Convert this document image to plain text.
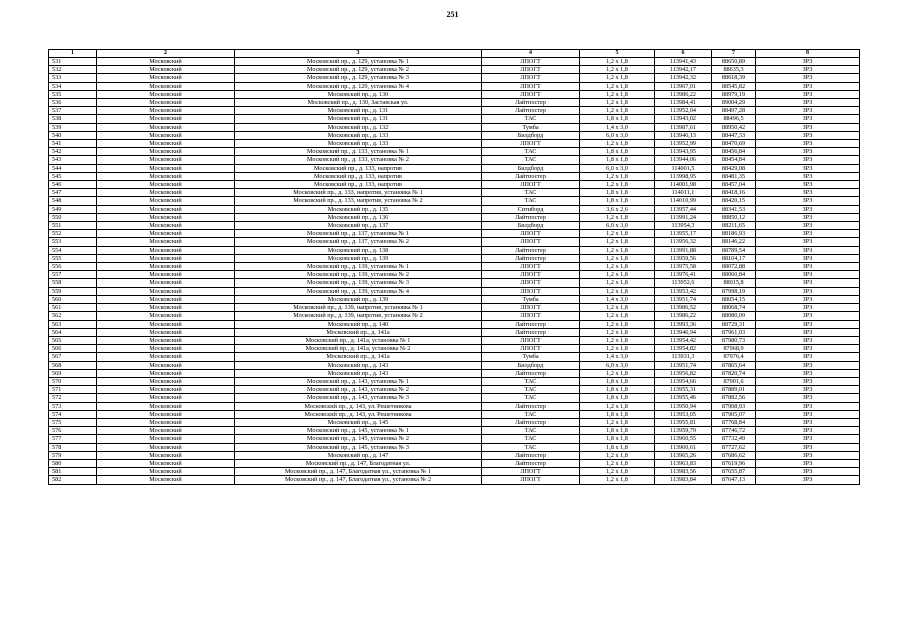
251
1	2	3	4	5	6	7	8
531	Московский	Московский пр., д. 129, установка № 1	ЛПОГТ	1,2 х 1,8	113941,43	88650,89	ЗРЗ
532	Московский	Московский пр., д. 129, установка № 2	ЛПОГТ	1,2 х 1,8	113942,17	88635,3	ЗРЗ
533	Московский	Московский пр., д. 129, установка № 3	ЛПОГТ	1,2 х 1,8	113942,32	88618,39	ЗРЗ
534	Московский	Московский пр., д. 129, установка № 4	ЛПОГТ	1,2 х 1,8	113967,01	88545,82	ЗРЗ
535	Московский	Московский пр., д. 130	ЛПОГТ	1,2 х 1,8	113986,22	88979,19	ЗРЗ
536	Московский	Московский пр., д. 130, Заставская ул.	Лайтпостер	1,2 х 1,8	113984,41	89004,29	ЗРЗ
537	Московский	Московский пр., д. 131	Лайтпостер	1,2 х 1,8	113952,04	88497,28	ЗРЗ
538	Московский	Московский пр., д. 131	ТАС	1,8 х 1,8	113943,02	88496,5	ЗРЗ
539	Московский	Московский пр., д. 132	Тумба	1,4 х 3,0	113987,61	88950,42	ЗРЗ
540	Московский	Московский пр., д. 133	Билдборд	6,0 х 3,0	113946,13	88447,33	ЗРЗ
541	Московский	Московский пр., д. 133	ЛПОГТ	1,2 х 1,8	113952,99	88470,69	ЗРЗ
542	Московский	Московский пр., д. 133, установка № 1	ТАС	1,8 х 1,8	113943,95	88456,84	ЗРЗ
543	Московский	Московский пр., д. 133, установка № 2	ТАС	1,8 х 1,8	113944,06	88454,84	ЗРЗ
544	Московский	Московский пр., д. 133, напротив	Билдборд	6,0 х 3,0	114001,5	88429,08	ЗРЗ
545	Московский	Московский пр., д. 133, напротив	Лайтпостер	1,2 х 1,8	113998,95	88481,35	ЗРЗ
546	Московский	Московский пр., д. 133, напротив	ЛПОГТ	1,2 х 1,8	114001,98	88457,04	ЗРЗ
547	Московский	Московский пр., д. 133, напротив, установка № 1	ТАС	1,8 х 1,8	114011,1	88418,16	ЗРЗ
548	Московский	Московский пр., д. 133, напротив, установка № 2	ТАС	1,8 х 1,8	114010,99	88420,15	ЗРЗ
549	Московский	Московский пр., д. 135	Ситиборд	3,6 х 2,6	113957,44	88341,53	ЗРЗ
550	Московский	Московский пр., д. 136	Лайтпостер	1,2 х 1,8	113991,24	88850,12	ЗРЗ
551	Московский	Московский пр., д. 137	Билдборд	6,0 х 3,0	113954,3	88211,65	ЗРЗ
552	Московский	Московский пр., д. 137, установка № 1	ЛПОГТ	1,2 х 1,8	113955,17	88186,93	ЗРЗ
553	Московский	Московский пр., д. 137, установка № 2	ЛПОГТ	1,2 х 1,8	113956,32	88146,22	ЗРЗ
554	Московский	Московский пр., д. 138	Лайтпостер	1,2 х 1,8	113991,88	88789,54	ЗРЗ
555	Московский	Московский пр., д. 139	Лайтпостер	1,2 х 1,8	113959,56	88104,17	ЗРЗ
556	Московский	Московский пр., д. 139, установка № 1	ЛПОГТ	1,2 х 1,8	113975,58	88072,88	ЗРЗ
557	Московский	Московский пр., д. 139, установка № 2	ЛПОГТ	1,2 х 1,8	113976,41	88060,84	ЗРЗ
558	Московский	Московский пр., д. 139, установка № 3	ЛПОГТ	1,2 х 1,8	113952,6	88015,8	ЗРЗ
559	Московский	Московский пр., д. 139, установка № 4	ЛПОГТ	1,2 х 1,8	113953,42	87998,19	ЗРЗ
560	Московский	Московский пр., д. 139	Тумба	1,4 х 3,0	113951,74	88054,15	ЗРЗ
561	Московский	Московский пр., д. 139, напротив, установка № 1	ЛПОГТ	1,2 х 1,8	113986,52	88068,74	ЗРЗ
562	Московский	Московский пр., д. 139, напротив, установка № 2	ЛПОГТ	1,2 х 1,8	113986,22	88080,09	ЗРЗ
563	Московский	Московский пр., д. 140	Лайтпостер	1,2 х 1,8	113993,36	88729,31	ЗРЗ
564	Московский	Московский пр., д. 141а	Лайтпостер	1,2 х 1,8	113946,94	87961,03	ЗРЗ
565	Московский	Московский пр., д. 141а, установка № 1	ЛПОГТ	1,2 х 1,8	113954,42	87980,73	ЗРЗ
566	Московский	Московский пр., д. 141а, установка № 2	ЛПОГТ	1,2 х 1,8	113954,82	87968,9	ЗРЗ
567	Московский	Московский пр., д. 141а	Тумба	1,4 х 3,0	113931,3	87976,4	ЗРЗ
568	Московский	Московский пр., д. 143	Билдборд	6,0 х 3,0	113951,74	87865,64	ЗРЗ
569	Московский	Московский пр., д. 143	Лайтпостер	1,2 х 1,8	113956,82	87820,74	ЗРЗ
570	Московский	Московский пр., д. 143, установка № 1	ТАС	1,8 х 1,8	113954,66	87901,6	ЗРЗ
571	Московский	Московский пр., д. 143, установка № 2	ТАС	1,8 х 1,8	113955,31	87889,01	ЗРЗ
572	Московский	Московский пр., д. 143, установка № 3	ТАС	1,8 х 1,8	113955,46	87882,56	ЗРЗ
573	Московский	Московский пр., д. 143, ул. Решетникова	Лайтпостер	1,2 х 1,8	113950,94	87908,93	ЗРЗ
574	Московский	Московский пр., д. 143, ул. Решетникова	ТАС	1,8 х 1,8	113953,05	87905,07	ЗРЗ
575	Московский	Московский пр., д. 145	Лайтпостер	1,2 х 1,8	113955,81	87768,84	ЗРЗ
576	Московский	Московский пр., д. 145, установка № 1	ТАС	1,8 х 1,8	113959,79	87746,72	ЗРЗ
577	Московский	Московский пр., д. 145, установка № 2	ТАС	1,8 х 1,8	113960,55	87732,49	ЗРЗ
578	Московский	Московский пр., д. 145, установка № 3	ТАС	1,8 х 1,8	113960,61	87727,62	ЗРЗ
579	Московский	Московский пр., д. 147	Лайтпостер	1,2 х 1,8	113965,26	87686,62	ЗРЗ
580	Московский	Московский пр., д. 147, Благодатная ул.	Лайтпостер	1,2 х 1,8	113963,83	87619,96	ЗРЗ
581	Московский	Московский пр., д. 147, Благодатная ул., установка № 1	ЛПОГТ	1,2 х 1,8	113983,56	87655,87	ЗРЗ
582	Московский	Московский пр., д. 147, Благодатная ул., установка № 2	ЛПОГТ	1,2 х 1,8	113983,84	87647,13	ЗРЗ
